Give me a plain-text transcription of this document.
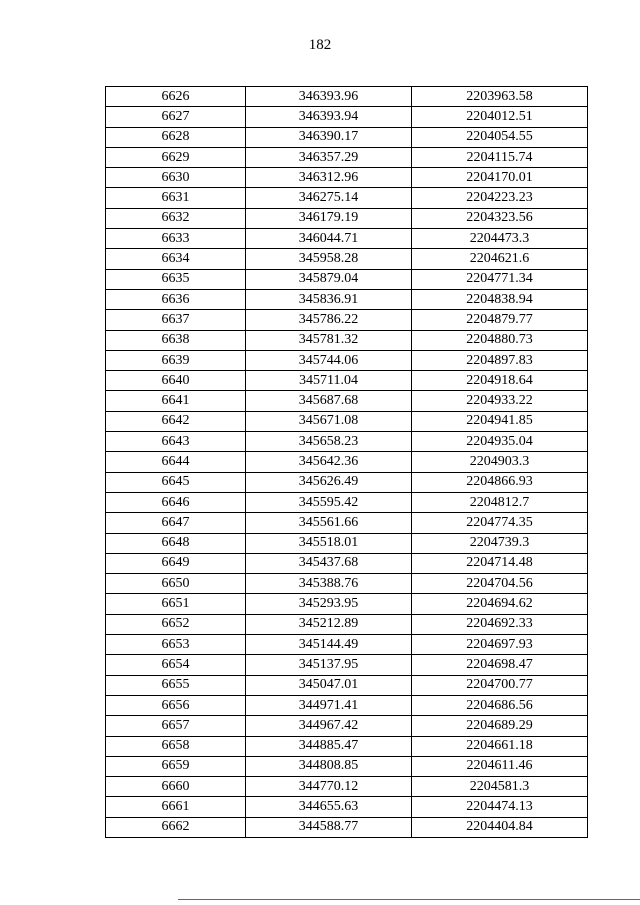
182
6626	346393.96	2203963.58
6627	346393.94	2204012.51
6628	346390.17	2204054.55
6629	346357.29	2204115.74
6630	346312.96	2204170.01
6631	346275.14	2204223.23
6632	346179.19	2204323.56
6633	346044.71	2204473.3
6634	345958.28	2204621.6
6635	345879.04	2204771.34
6636	345836.91	2204838.94
6637	345786.22	2204879.77
6638	345781.32	2204880.73
6639	345744.06	2204897.83
6640	345711.04	2204918.64
6641	345687.68	2204933.22
6642	345671.08	2204941.85
6643	345658.23	2204935.04
6644	345642.36	2204903.3
6645	345626.49	2204866.93
6646	345595.42	2204812.7
6647	345561.66	2204774.35
6648	345518.01	2204739.3
6649	345437.68	2204714.48
6650	345388.76	2204704.56
6651	345293.95	2204694.62
6652	345212.89	2204692.33
6653	345144.49	2204697.93
6654	345137.95	2204698.47
6655	345047.01	2204700.77
6656	344971.41	2204686.56
6657	344967.42	2204689.29
6658	344885.47	2204661.18
6659	344808.85	2204611.46
6660	344770.12	2204581.3
6661	344655.63	2204474.13
6662	344588.77	2204404.84
